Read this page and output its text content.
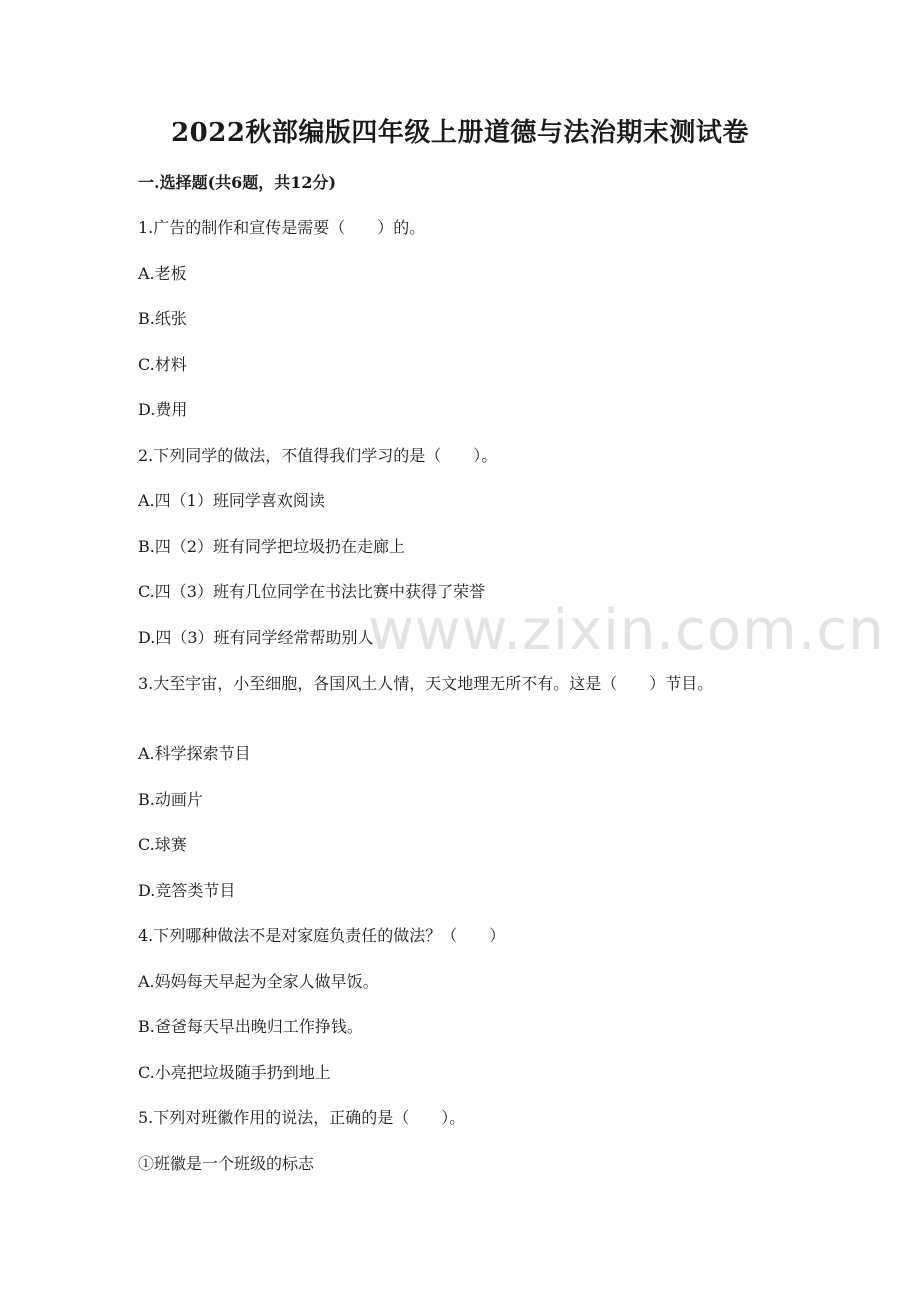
2022秋部编版四年级上册道德与法治期末测试卷
一.选择题(共6题，共12分)

1.广告的制作和宣传是需要（　　）的。

A.老板

B.纸张

C.材料

D.费用

2.下列同学的做法，不值得我们学习的是（　　）。

A.四（1）班同学喜欢阅读

B.四（2）班有同学把垃圾扔在走廊上

C.四（3）班有几位同学在书法比赛中获得了荣誉

D.四（3）班有同学经常帮助别人

3.大至宇宙，小至细胞，各国风土人情，天文地理无所不有。这是（　　）节目。

A.科学探索节目

B.动画片

C.球赛

D.竞答类节目

4.下列哪种做法不是对家庭负责任的做法？（　　）

A.妈妈每天早起为全家人做早饭。

B.爸爸每天早出晚归工作挣钱。

C.小亮把垃圾随手扔到地上

5.下列对班徽作用的说法，正确的是（　　）。

①班徽是一个班级的标志

www.zixin.com.cn
